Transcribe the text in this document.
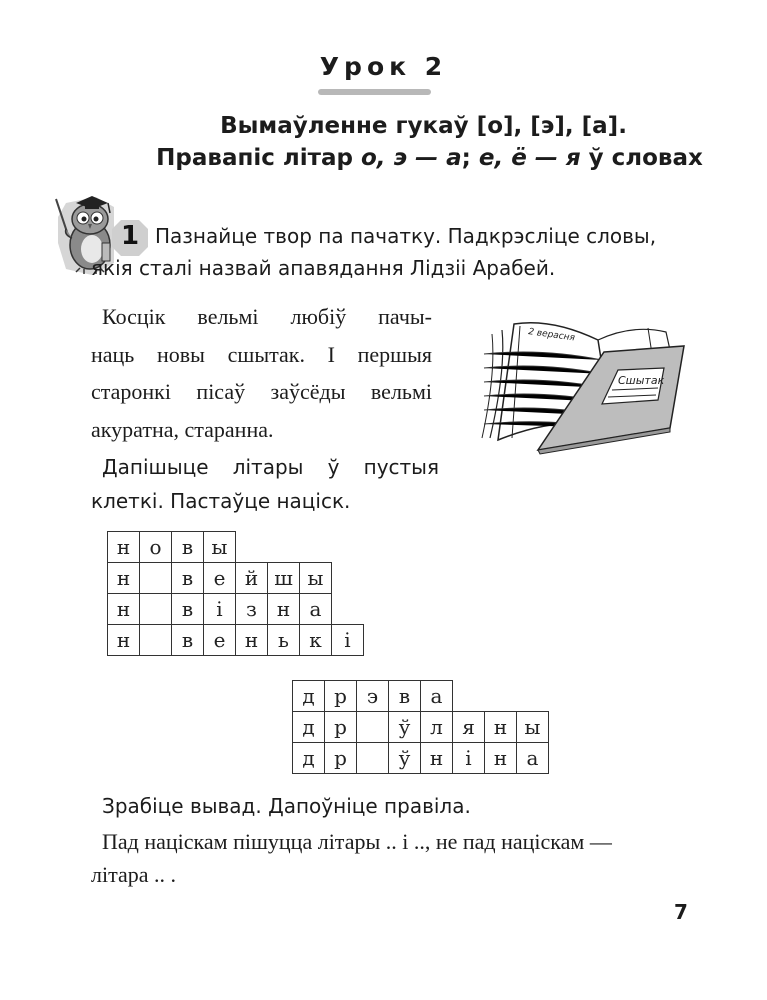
Урок 2
Вымаўленне гукаў [о], [э], [а].
Правапіс літар о, э — а; е, ё — я ў словах
1 Пазнайце твор па пачатку. Падкрэсліце словы,
якія сталі назвай апавядання Лідзіі Арабей.
Косцік вельмі любіў пачы-
наць новы сшытак. І першыя
старонкі пісаў заўсёды вельмі
акуратна, старанна.
2 верасня
Сшытак
Дапішыце літары ў пустыя
клеткі. Пастаўце націск.
н	о	в	ы				
н		в	е	й	ш	ы	
н		в	і	з	н	а	
н		в	е	н	ь	к	і
д	р	э	в	а			
д	р		ў	л	я	н	ы
д	р		ў	н	і	н	а
Зрабіце вывад. Дапоўніце правіла.
Пад націскам пішуцца літары .. і .., не пад націскам —
літара .. .
7
